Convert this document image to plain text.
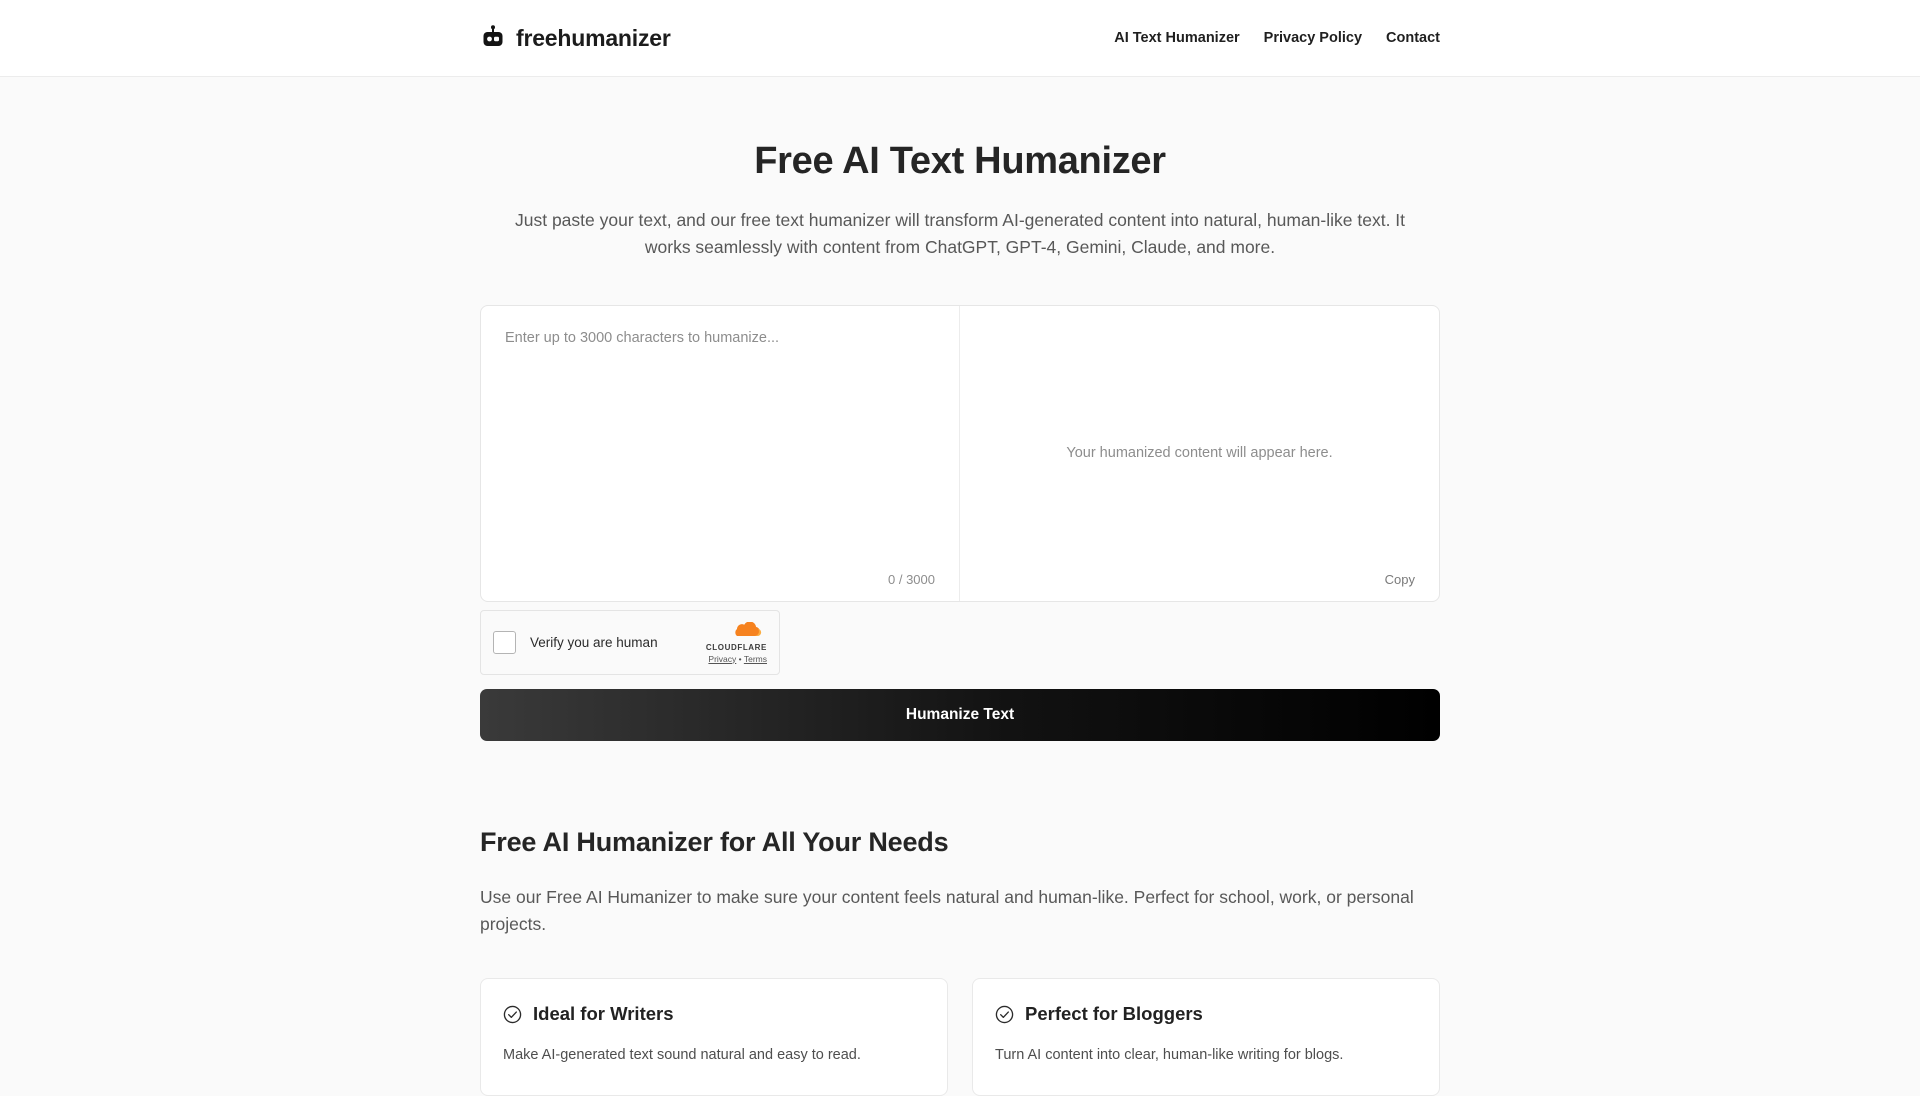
freehumanizer	AI Text Humanizer Privacy Policy Contact
Free AI Text Humanizer

Just paste your text, and our free text humanizer will transform AI-generated content into natural, human-like text. It works seamlessly with content from ChatGPT, GPT-4, Gemini, Claude, and more.

Enter up to 3000 characters to humanize...
0 / 3000
Your humanized content will appear here.
Copy
Verify you are human	CLOUDFLARE
Privacy • Terms
Humanize Text
Free AI Humanizer for All Your Needs

Use our Free AI Humanizer to make sure your content feels natural and human-like. Perfect for school, work, or personal projects.

Ideal for Writers

Make AI-generated text sound natural and easy to read.

Perfect for Bloggers

Turn AI content into clear, human-like writing for blogs.
